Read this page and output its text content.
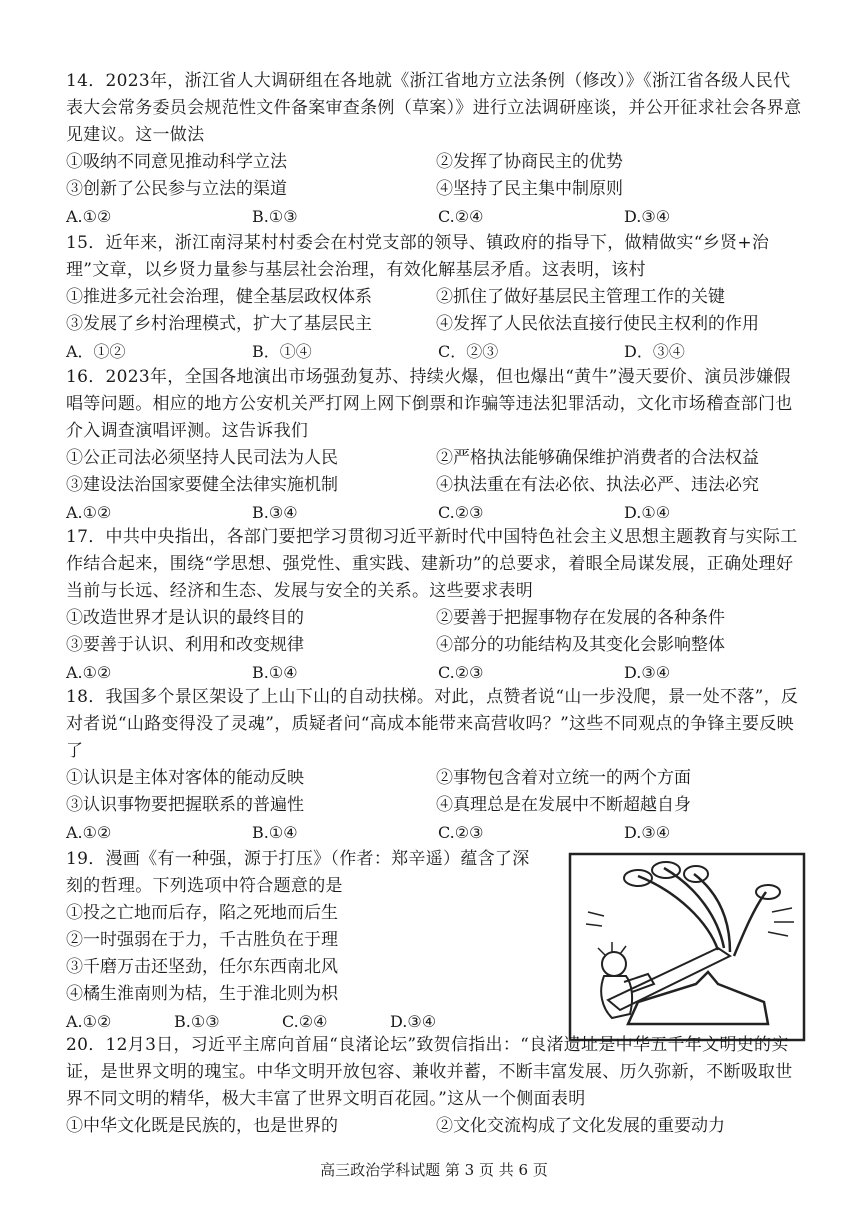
14．2023年，浙江省人大调研组在各地就《浙江省地方立法条例（修改）》《浙江省各级人民代表大会常务委员会规范性文件备案审查条例（草案）》进行立法调研座谈，并公开征求社会各界意见建议。这一做法

①吸纳不同意见推动科学立法	②发挥了协商民主的优势
③创新了公民参与立法的渠道	④坚持了民主集中制原则
A.①②	B.①③	C.②④	D.③④

15．近年来，浙江南浔某村村委会在村党支部的领导、镇政府的指导下，做精做实“乡贤+治理”文章，以乡贤力量参与基层社会治理，有效化解基层矛盾。这表明，该村

①推进多元社会治理，健全基层政权体系	②抓住了做好基层民主管理工作的关键
③发展了乡村治理模式，扩大了基层民主	④发挥了人民依法直接行使民主权利的作用
A．①②	B．①④	C．②③	D．③④

16．2023年，全国各地演出市场强劲复苏、持续火爆，但也爆出“黄牛”漫天要价、演员涉嫌假唱等问题。相应的地方公安机关严打网上网下倒票和诈骗等违法犯罪活动，文化市场稽查部门也介入调查演唱评测。这告诉我们

①公正司法必须坚持人民司法为人民	②严格执法能够确保维护消费者的合法权益
③建设法治国家要健全法律实施机制	④执法重在有法必依、执法必严、违法必究
A.①②	B.③④	C.②③	D.①④

17．中共中央指出，各部门要把学习贯彻习近平新时代中国特色社会主义思想主题教育与实际工作结合起来，围绕“学思想、强党性、重实践、建新功”的总要求，着眼全局谋发展，正确处理好当前与长远、经济和生态、发展与安全的关系。这些要求表明

①改造世界才是认识的最终目的	②要善于把握事物存在发展的各种条件
③要善于认识、利用和改变规律	④部分的功能结构及其变化会影响整体
A.①②	B.①④	C.②③	D.③④

18．我国多个景区架设了上山下山的自动扶梯。对此，点赞者说“山一步没爬，景一处不落”，反对者说“山路变得没了灵魂”，质疑者问“高成本能带来高营收吗？”这些不同观点的争锋主要反映了

①认识是主体对客体的能动反映	②事物包含着对立统一的两个方面
③认识事物要把握联系的普遍性	④真理总是在发展中不断超越自身
A.①②	B.①④	C.②③	D.③④

19．漫画《有一种强，源于打压》（作者：郑辛遥）蕴含了深

刻的哲理。下列选项中符合题意的是

①投之亡地而后存，陷之死地而后生
②一时强弱在于力，千古胜负在于理
③千磨万击还坚劲，任尔东西南北风
④橘生淮南则为桔，生于淮北则为枳
A.①②	B.①③	C.②④	D.③④

20．12月3日，习近平主席向首届“良渚论坛”致贺信指出：“良渚遗址是中华五千年文明史的实证，是世界文明的瑰宝。中华文明开放包容、兼收并蓄，不断丰富发展、历久弥新，不断吸取世界不同文明的精华，极大丰富了世界文明百花园。”这从一个侧面表明

①中华文化既是民族的，也是世界的	②文化交流构成了文化发展的重要动力
高三政治学科试题 第 3 页 共 6 页
